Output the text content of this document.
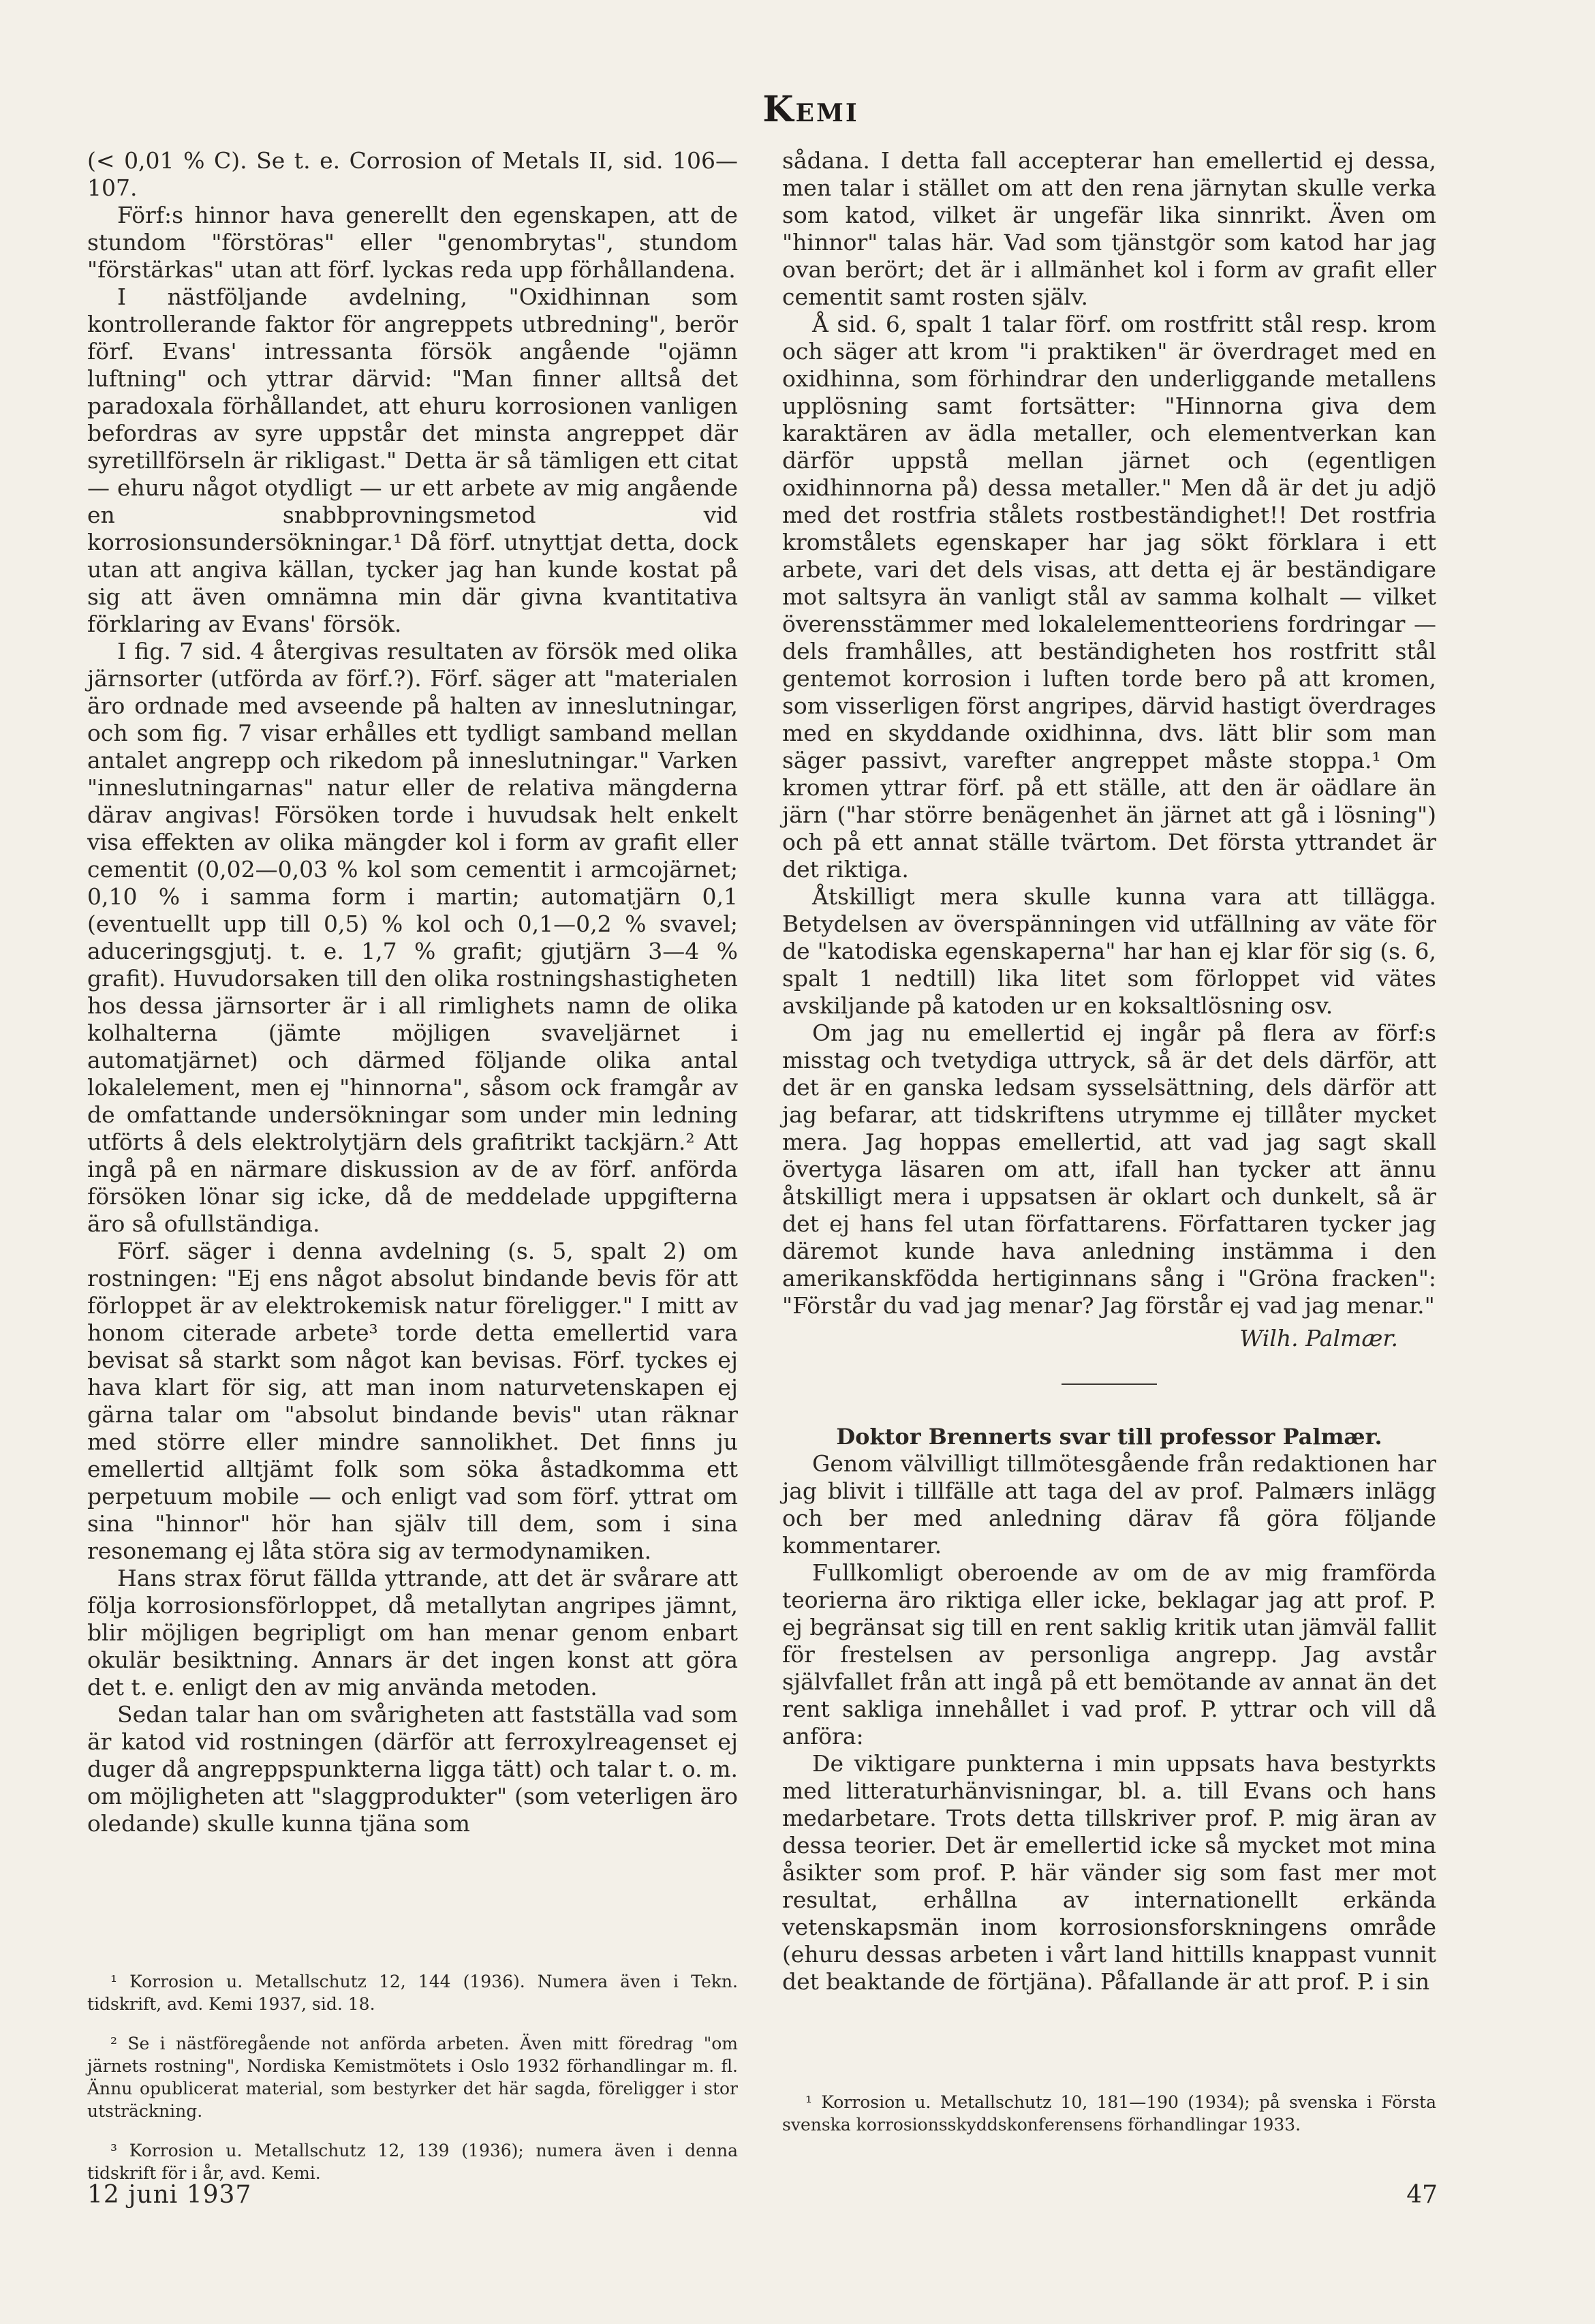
Kemi

(< 0,01 % C). Se t. e. Corrosion of Metals II, sid. 106—107.

Förf:s hinnor hava generellt den egenskapen, att de stundom "förstöras" eller "genombrytas", stundom "förstärkas" utan att förf. lyckas reda upp förhållandena.

I nästföljande avdelning, "Oxidhinnan som kontrollerande faktor för angreppets utbredning", berör förf. Evans' intressanta försök angående "ojämn luftning" och yttrar därvid: "Man finner alltså det paradoxala förhållandet, att ehuru korrosionen vanligen befordras av syre uppstår det minsta angreppet där syretillförseln är rikligast." Detta är så tämligen ett citat — ehuru något otydligt — ur ett arbete av mig angående en snabbprovningsmetod vid korrosionsundersökningar.¹ Då förf. utnyttjat detta, dock utan att angiva källan, tycker jag han kunde kostat på sig att även omnämna min där givna kvantitativa förklaring av Evans' försök.

I fig. 7 sid. 4 återgivas resultaten av försök med olika järnsorter (utförda av förf.?). Förf. säger att "materialen äro ordnade med avseende på halten av inneslutningar, och som fig. 7 visar erhålles ett tydligt samband mellan antalet angrepp och rikedom på inneslutningar." Varken "inneslutningarnas" natur eller de relativa mängderna därav angivas! Försöken torde i huvudsak helt enkelt visa effekten av olika mängder kol i form av grafit eller cementit (0,02—0,03 % kol som cementit i armcojärnet; 0,10 % i samma form i martin; automatjärn 0,1 (eventuellt upp till 0,5) % kol och 0,1—0,2 % svavel; aduceringsgjutj. t. e. 1,7 % grafit; gjutjärn 3—4 % grafit). Huvudorsaken till den olika rostningshastigheten hos dessa järnsorter är i all rimlighets namn de olika kolhalterna (jämte möjligen svaveljärnet i automatjärnet) och därmed följande olika antal lokalelement, men ej "hinnorna", såsom ock framgår av de omfattande undersökningar som under min ledning utförts å dels elektrolytjärn dels grafitrikt tackjärn.² Att ingå på en närmare diskussion av de av förf. anförda försöken lönar sig icke, då de meddelade uppgifterna äro så ofullständiga.

Förf. säger i denna avdelning (s. 5, spalt 2) om rostningen: "Ej ens något absolut bindande bevis för att förloppet är av elektrokemisk natur föreligger." I mitt av honom citerade arbete³ torde detta emellertid vara bevisat så starkt som något kan bevisas. Förf. tyckes ej hava klart för sig, att man inom naturvetenskapen ej gärna talar om "absolut bindande bevis" utan räknar med större eller mindre sannolikhet. Det finns ju emellertid alltjämt folk som söka åstadkomma ett perpetuum mobile — och enligt vad som förf. yttrat om sina "hinnor" hör han själv till dem, som i sina resonemang ej låta störa sig av termodynamiken.

Hans strax förut fällda yttrande, att det är svårare att följa korrosionsförloppet, då metallytan angripes jämnt, blir möjligen begripligt om han menar genom enbart okulär besiktning. Annars är det ingen konst att göra det t. e. enligt den av mig använda metoden.

Sedan talar han om svårigheten att fastställa vad som är katod vid rostningen (därför att ferroxylreagenset ej duger då angreppspunkterna ligga tätt) och talar t. o. m. om möjligheten att "slaggprodukter" (som veterligen äro oledande) skulle kunna tjäna som

¹ Korrosion u. Metallschutz 12, 144 (1936). Numera även i Tekn. tidskrift, avd. Kemi 1937, sid. 18.

² Se i nästföregående not anförda arbeten. Även mitt föredrag "om järnets rostning", Nordiska Kemistmötets i Oslo 1932 förhandlingar m. fl. Ännu opublicerat material, som bestyrker det här sagda, föreligger i stor utsträckning.

³ Korrosion u. Metallschutz 12, 139 (1936); numera även i denna tidskrift för i år, avd. Kemi.

sådana. I detta fall accepterar han emellertid ej dessa, men talar i stället om att den rena järnytan skulle verka som katod, vilket är ungefär lika sinnrikt. Även om "hinnor" talas här. Vad som tjänstgör som katod har jag ovan berört; det är i allmänhet kol i form av grafit eller cementit samt rosten själv.

Å sid. 6, spalt 1 talar förf. om rostfritt stål resp. krom och säger att krom "i praktiken" är överdraget med en oxidhinna, som förhindrar den underliggande metallens upplösning samt fortsätter: "Hinnorna giva dem karaktären av ädla metaller, och elementverkan kan därför uppstå mellan järnet och (egentligen oxidhinnorna på) dessa metaller." Men då är det ju adjö med det rostfria stålets rostbeständighet!! Det rostfria kromstålets egenskaper har jag sökt förklara i ett arbete, vari det dels visas, att detta ej är beständigare mot saltsyra än vanligt stål av samma kolhalt — vilket överensstämmer med lokalelementteoriens fordringar — dels framhålles, att beständigheten hos rostfritt stål gentemot korrosion i luften torde bero på att kromen, som visserligen först angripes, därvid hastigt överdrages med en skyddande oxidhinna, dvs. lätt blir som man säger passivt, varefter angreppet måste stoppa.¹ Om kromen yttrar förf. på ett ställe, att den är oädlare än järn ("har större benägenhet än järnet att gå i lösning") och på ett annat ställe tvärtom. Det första yttrandet är det riktiga.

Åtskilligt mera skulle kunna vara att tillägga. Betydelsen av överspänningen vid utfällning av väte för de "katodiska egenskaperna" har han ej klar för sig (s. 6, spalt 1 nedtill) lika litet som förloppet vid vätes avskiljande på katoden ur en koksaltlösning osv.

Om jag nu emellertid ej ingår på flera av förf:s misstag och tvetydiga uttryck, så är det dels därför, att det är en ganska ledsam sysselsättning, dels därför att jag befarar, att tidskriftens utrymme ej tillåter mycket mera. Jag hoppas emellertid, att vad jag sagt skall övertyga läsaren om att, ifall han tycker att ännu åtskilligt mera i uppsatsen är oklart och dunkelt, så är det ej hans fel utan författarens. Författaren tycker jag däremot kunde hava anledning instämma i den amerikanskfödda hertiginnans sång i "Gröna fracken": "Förstår du vad jag menar? Jag förstår ej vad jag menar."

Wilh. Palmær.

Doktor Brennerts svar till professor Palmær.

Genom välvilligt tillmötesgående från redaktionen har jag blivit i tillfälle att taga del av prof. Palmærs inlägg och ber med anledning därav få göra följande kommentarer.

Fullkomligt oberoende av om de av mig framförda teorierna äro riktiga eller icke, beklagar jag att prof. P. ej begränsat sig till en rent saklig kritik utan jämväl fallit för frestelsen av personliga angrepp. Jag avstår självfallet från att ingå på ett bemötande av annat än det rent sakliga innehållet i vad prof. P. yttrar och vill då anföra:

De viktigare punkterna i min uppsats hava bestyrkts med litteraturhänvisningar, bl. a. till Evans och hans medarbetare. Trots detta tillskriver prof. P. mig äran av dessa teorier. Det är emellertid icke så mycket mot mina åsikter som prof. P. här vänder sig som fast mer mot resultat, erhållna av internationellt erkända vetenskapsmän inom korrosionsforskningens område (ehuru dessas arbeten i vårt land hittills knappast vunnit det beaktande de förtjäna). Påfallande är att prof. P. i sin

¹ Korrosion u. Metallschutz 10, 181—190 (1934); på svenska i Första svenska korrosionsskyddskonferensens förhandlingar 1933.

12 juni 1937	47
